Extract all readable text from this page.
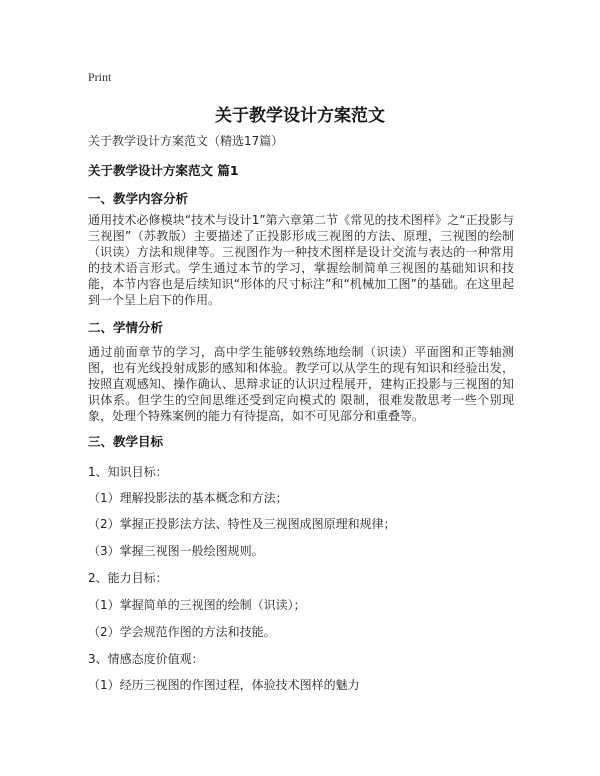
Print
关于教学设计方案范文
关于教学设计方案范文（精选17篇）
关于教学设计方案范文 篇1
一、教学内容分析
通用技术必修模块“技术与设计1”第六章第二节《常见的技术图样》之“正投影与三视图”（苏教版）主要描述了正投影形成三视图的方法、原理，三视图的绘制（识读）方法和规律等。三视图作为一种技术图样是设计交流与表达的一种常用的技术语言形式。学生通过本节的学习，掌握绘制简单三视图的基础知识和技能，本节内容也是后续知识“形体的尺寸标注”和“机械加工图”的基础。在这里起到一个呈上启下的作用。
二、学情分析
通过前面章节的学习，高中学生能够较熟练地绘制（识读）平面图和正等轴测图，也有光线投射成影的感知和体验。教学可以从学生的现有知识和经验出发，按照直观感知、操作确认、思辩求证的认识过程展开，建构正投影与三视图的知识体系。但学生的空间思维还受到定向模式的 限制，很难发散思考一些个别现象，处理个特殊案例的能力有待提高，如不可见部分和重叠等。
三、教学目标
1、知识目标：
（1）理解投影法的基本概念和方法；
（2）掌握正投影法方法、特性及三视图成图原理和规律；
（3）掌握三视图一般绘图规则。
2、能力目标：
（1）掌握简单的三视图的绘制（识读）；
（2）学会规范作图的方法和技能。
3、情感态度价值观：
（1）经历三视图的作图过程，体验技术图样的魅力
